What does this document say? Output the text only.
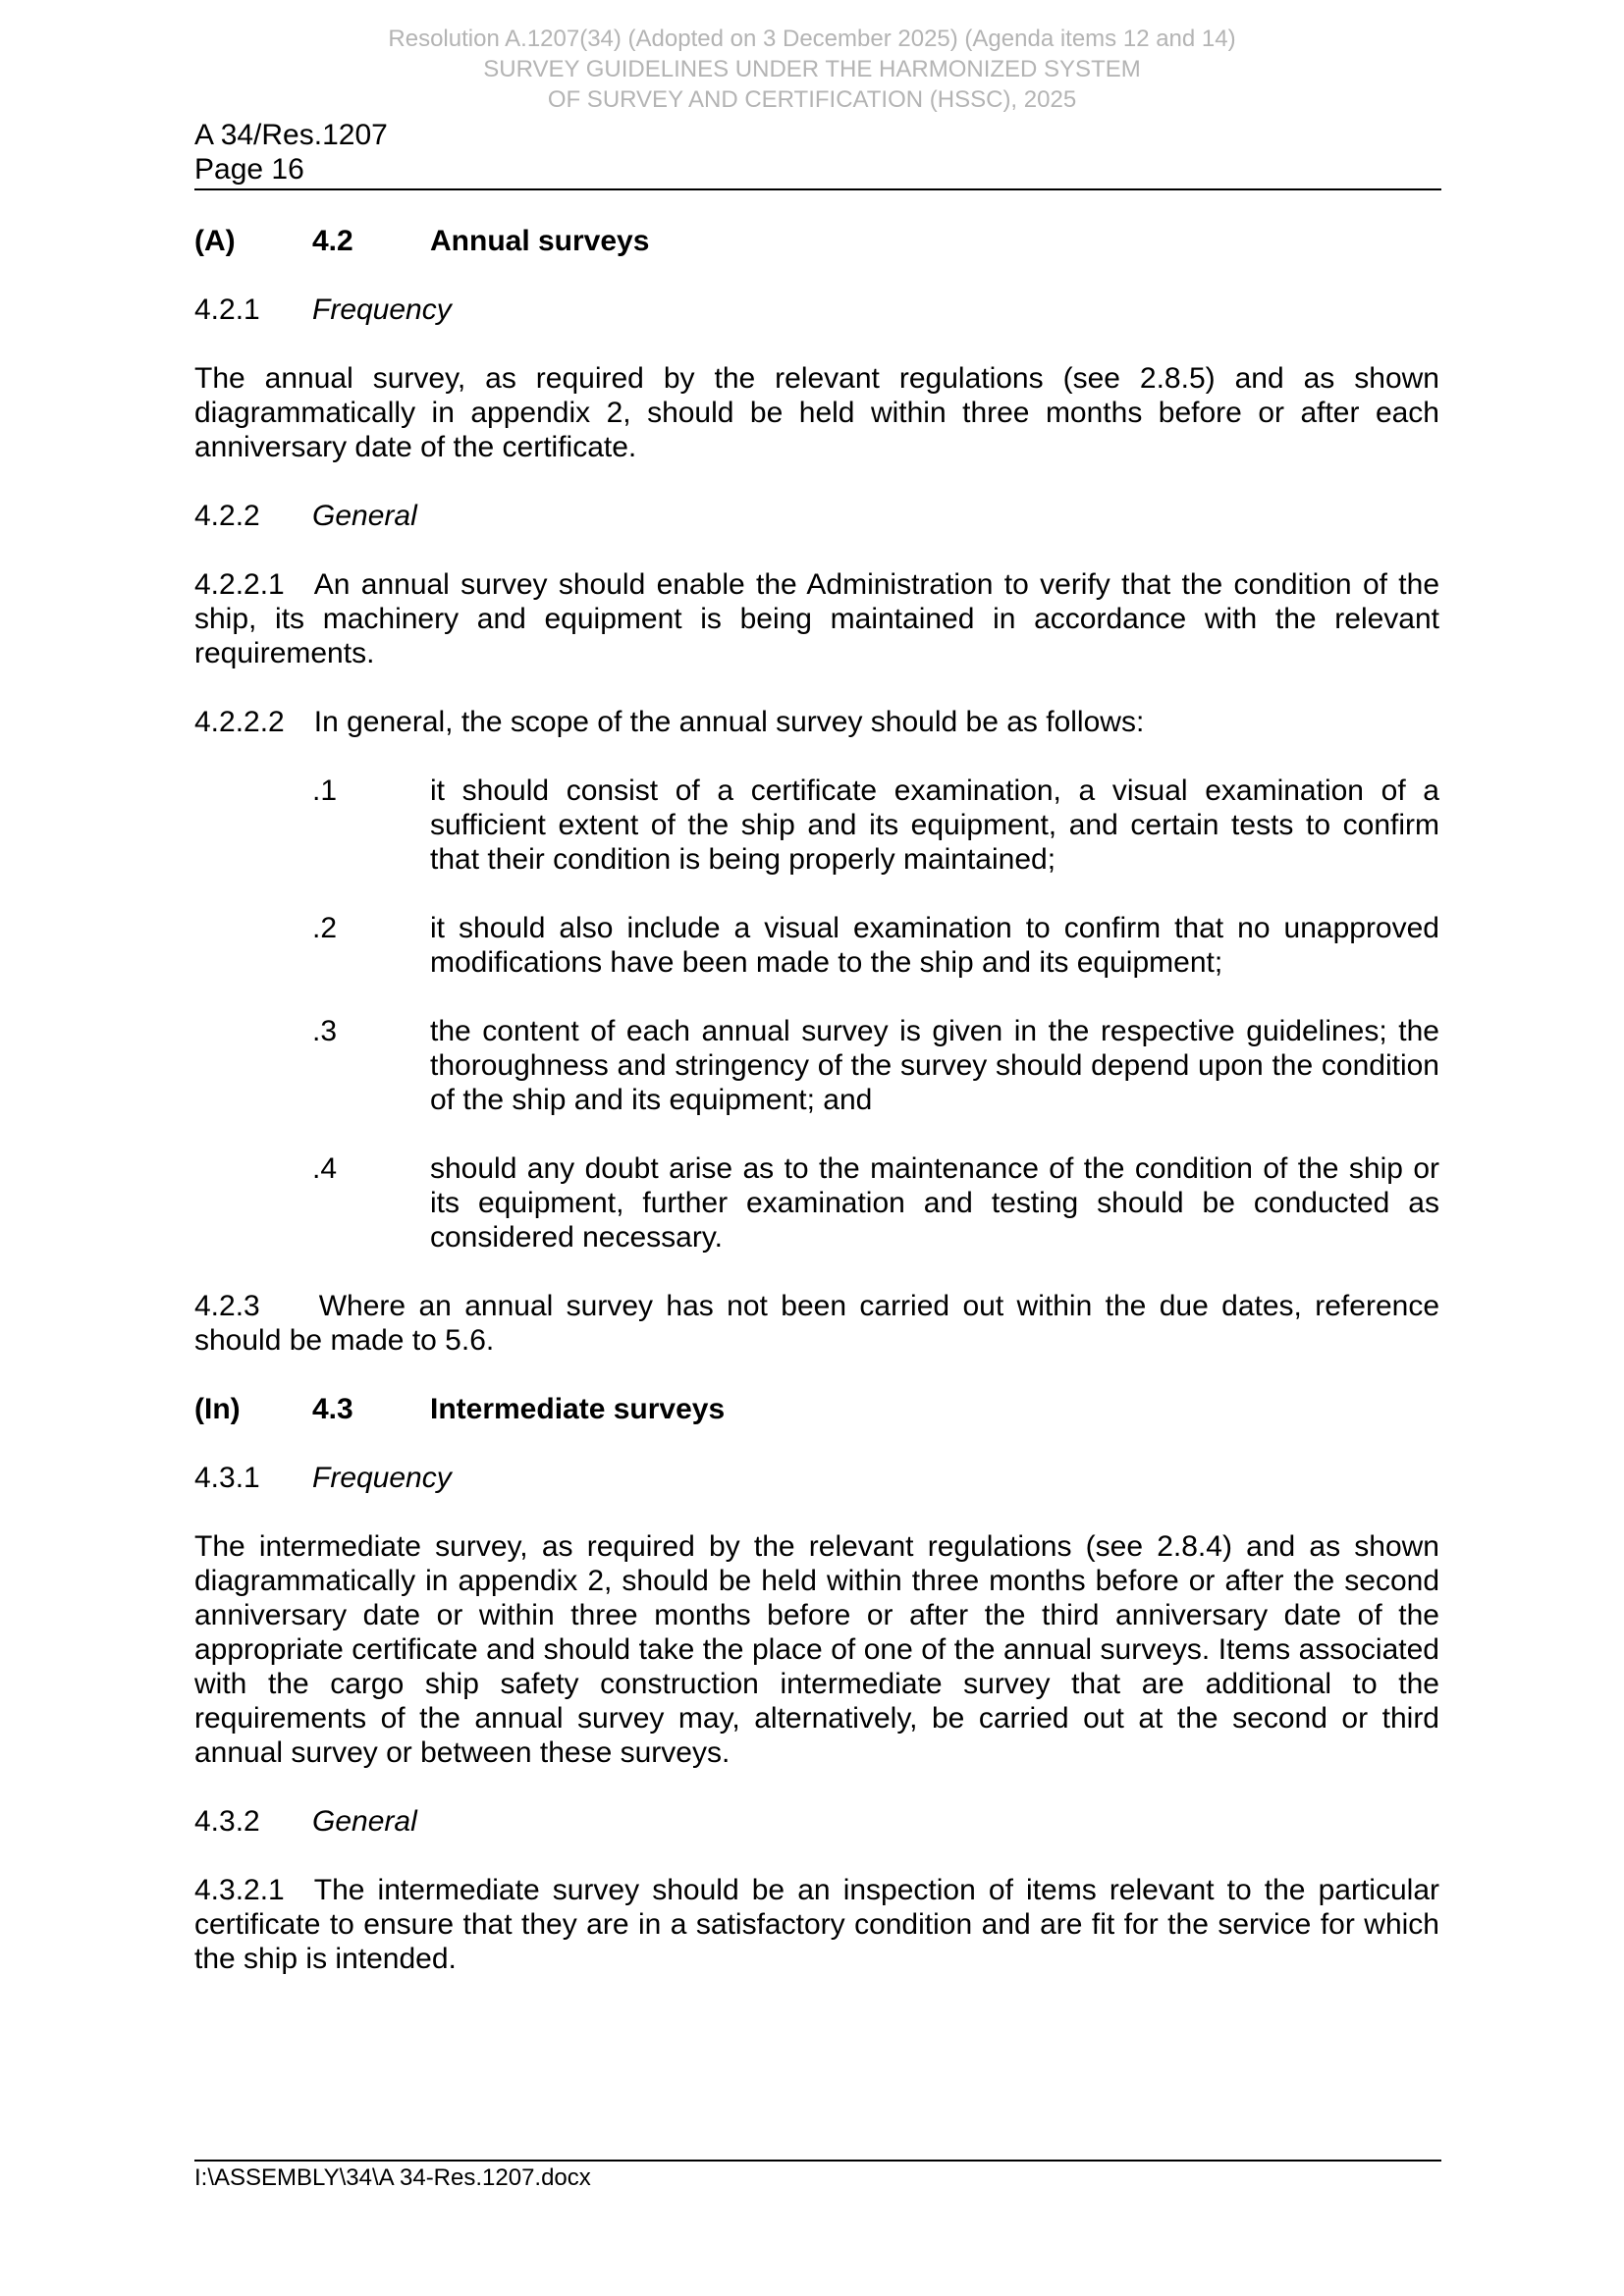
Resolution A.1207(34) (Adopted on 3 December 2025) (Agenda items 12 and 14)
SURVEY GUIDELINES UNDER THE HARMONIZED SYSTEM
OF SURVEY AND CERTIFICATION (HSSC), 2025
A 34/Res.1207
Page 16
(A)	4.2	Annual surveys
4.2.1 Frequency

The annual survey, as required by the relevant regulations (see 2.8.5) and as shown diagrammatically in appendix 2, should be held within three months before or after each anniversary date of the certificate.

4.2.2 General

4.2.2.1 An annual survey should enable the Administration to verify that the condition of the ship, its machinery and equipment is being maintained in accordance with the relevant requirements.

4.2.2.2 In general, the scope of the annual survey should be as follows:

.1	it should consist of a certificate examination, a visual examination of a sufficient extent of the ship and its equipment, and certain tests to confirm that their condition is being properly maintained;
.2	it should also include a visual examination to confirm that no unapproved modifications have been made to the ship and its equipment;
.3	the content of each annual survey is given in the respective guidelines; the thoroughness and stringency of the survey should depend upon the condition of the ship and its equipment; and
.4	should any doubt arise as to the maintenance of the condition of the ship or its equipment, further examination and testing should be conducted as considered necessary.

4.2.3  Where an annual survey has not been carried out within the due dates, reference should be made to 5.6.

(In) 4.3	Intermediate surveys
4.3.1 Frequency

The intermediate survey, as required by the relevant regulations (see 2.8.4) and as shown diagrammatically in appendix 2, should be held within three months before or after the second anniversary date or within three months before or after the third anniversary date of the appropriate certificate and should take the place of one of the annual surveys. Items associated with the cargo ship safety construction intermediate survey that are additional to the requirements of the annual survey may, alternatively, be carried out at the second or third annual survey or between these surveys.

4.3.2 General

4.3.2.1 The intermediate survey should be an inspection of items relevant to the particular certificate to ensure that they are in a satisfactory condition and are fit for the service for which the ship is intended.

I:\ASSEMBLY\34\A 34-Res.1207.docx
